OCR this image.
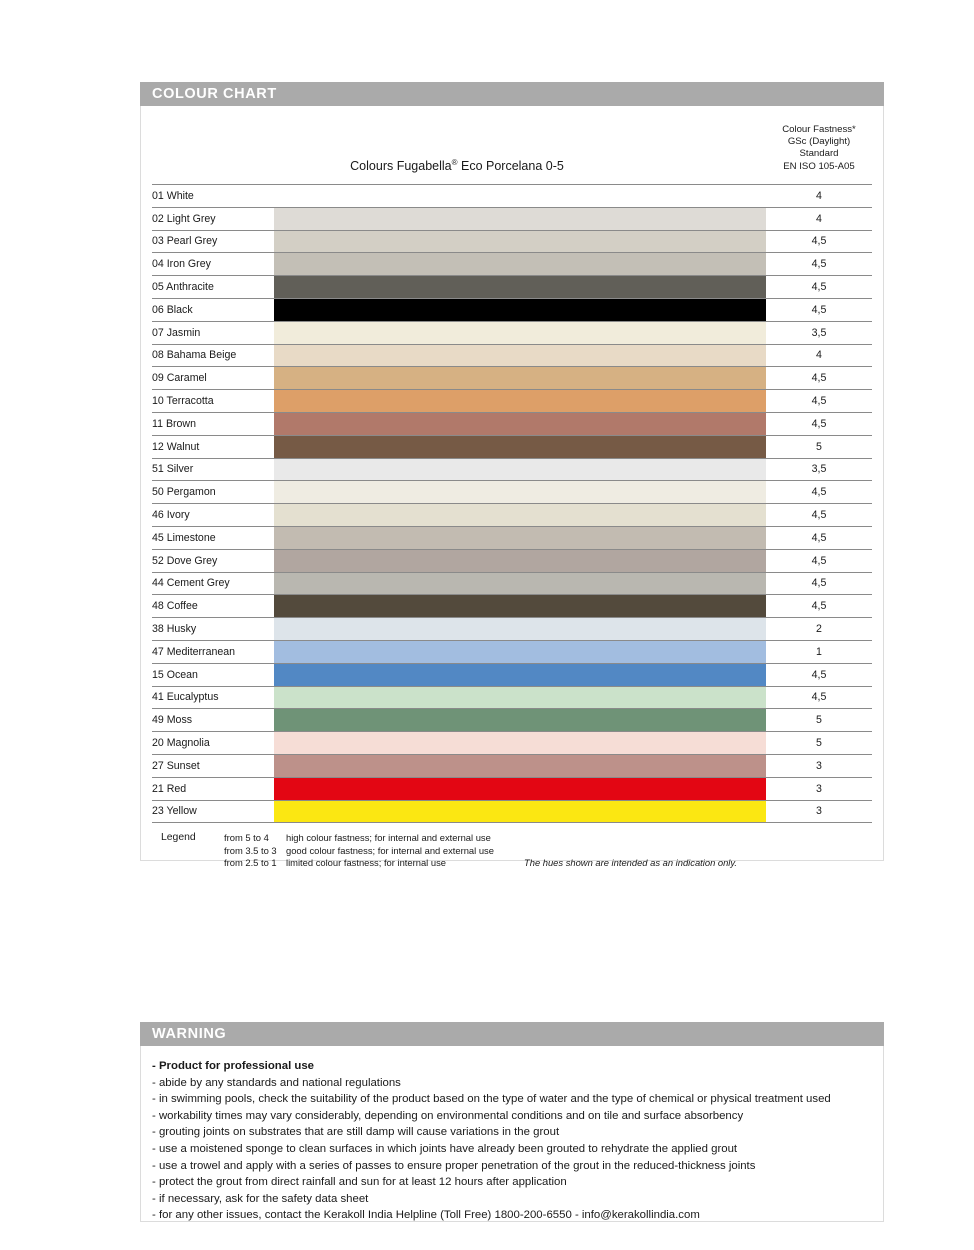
COLOUR CHART
Colours Fugabella® Eco Porcelana 0-5
Colour Fastness*
GSc (Daylight)
Standard
EN ISO 105-A05
01 White		4
02 Light Grey		4
03 Pearl Grey		4,5
04 Iron Grey		4,5
05 Anthracite		4,5
06 Black		4,5
07 Jasmin		3,5
08 Bahama Beige		4
09 Caramel		4,5
10 Terracotta		4,5
11 Brown		4,5
12 Walnut		5
51 Silver		3,5
50 Pergamon		4,5
46 Ivory		4,5
45 Limestone		4,5
52 Dove Grey		4,5
44 Cement Grey		4,5
48 Coffee		4,5
38 Husky		2
47 Mediterranean		1
15 Ocean		4,5
41 Eucalyptus		4,5
49 Moss		5
20 Magnolia		5
27 Sunset		3
21 Red		3
23 Yellow		3
Legend	from 5 to 4	high colour fastness; for internal and external use
from 3.5 to 3 good colour fastness; for internal and external use
from 2.5 to 1 limited colour fastness; for internal use	The hues shown are intended as an indication only.
WARNING
- Product for professional use
- abide by any standards and national regulations
- in swimming pools, check the suitability of the product based on the type of water and the type of chemical or physical treatment used
- workability times may vary considerably, depending on environmental conditions and on tile and surface absorbency
- grouting joints on substrates that are still damp will cause variations in the grout
- use a moistened sponge to clean surfaces in which joints have already been grouted to rehydrate the applied grout
- use a trowel and apply with a series of passes to ensure proper penetration of the grout in the reduced-thickness joints
- protect the grout from direct rainfall and sun for at least 12 hours after application
- if necessary, ask for the safety data sheet
- for any other issues, contact the Kerakoll India Helpline (Toll Free) 1800-200-6550 - info@kerakollindia.com
